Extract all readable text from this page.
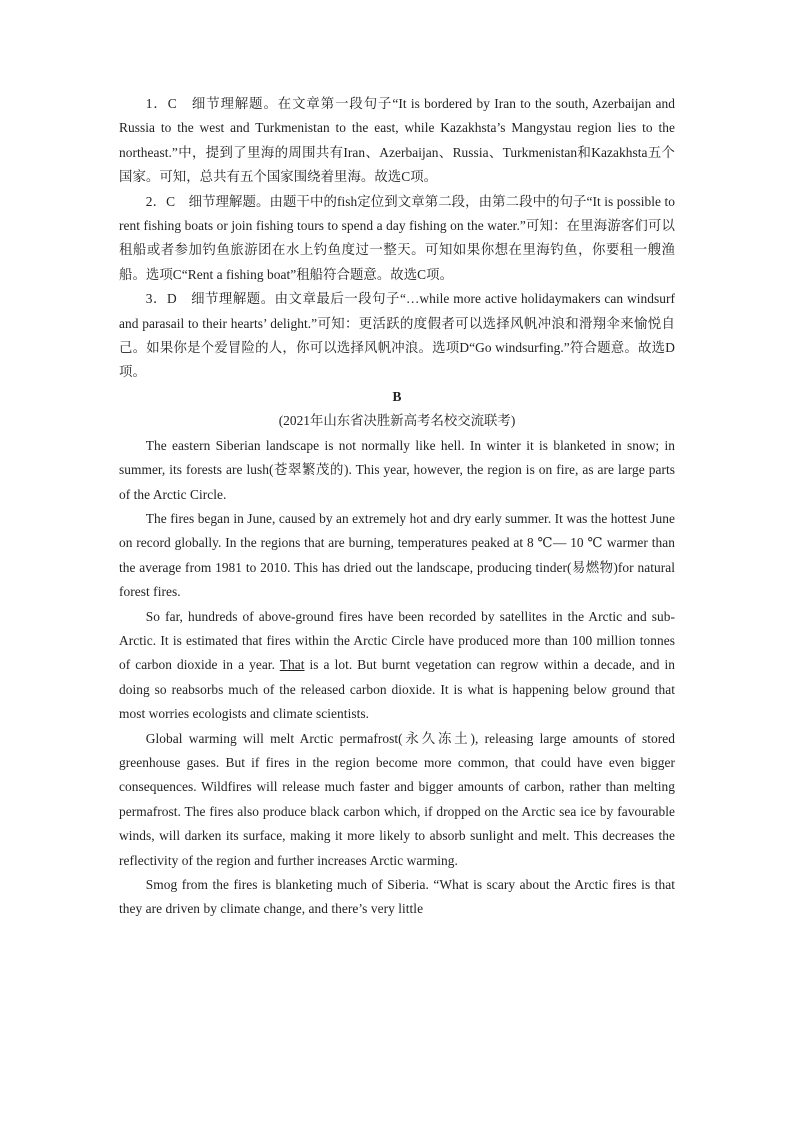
1．C　细节理解题。在文章第一段句子“It is bordered by Iran to the south, Azerbaijan and Russia to the west and Turkmenistan to the east, while Kazakhsta’s Mangystau region lies to the northeast.”中，提到了里海的周围共有Iran、Azerbaijan、Russia、Turkmenistan和Kazakhsta五个国家。可知，总共有五个国家围绕着里海。故选C项。

2．C　细节理解题。由题干中的fish定位到文章第二段，由第二段中的句子“It is possible to rent fishing boats or join fishing tours to spend a day fishing on the water.”可知：在里海游客们可以租船或者参加钓鱼旅游团在水上钓鱼度过一整天。可知如果你想在里海钓鱼，你要租一艘渔船。选项C“Rent a fishing boat”租船符合题意。故选C项。

3．D　细节理解题。由文章最后一段句子“…while more active holidaymakers can windsurf and parasail to their hearts’ delight.”可知：更活跃的度假者可以选择风帆冲浪和滑翔伞来愉悦自己。如果你是个爱冒险的人，你可以选择风帆冲浪。选项D“Go windsurfing.”符合题意。故选D项。

B

(2021年山东省决胜新高考名校交流联考)

The eastern Siberian landscape is not normally like hell. In winter it is blanketed in snow; in summer, its forests are lush(苍翠繁茂的). This year, however, the region is on fire, as are large parts of the Arctic Circle.

The fires began in June, caused by an extremely hot and dry early summer. It was the hottest June on record globally. In the regions that are burning, temperatures peaked at 8 ℃— 10 ℃ warmer than the average from 1981 to 2010. This has dried out the landscape, producing tinder(易燃物)for natural forest fires.

So far, hundreds of above-ground fires have been recorded by satellites in the Arctic and sub-Arctic. It is estimated that fires within the Arctic Circle have produced more than 100 million tonnes of carbon dioxide in a year. That is a lot. But burnt vegetation can regrow within a decade, and in doing so reabsorbs much of the released carbon dioxide. It is what is happening below ground that most worries ecologists and climate scientists.

Global warming will melt Arctic permafrost(永久冻土), releasing large amounts of stored greenhouse gases. But if fires in the region become more common, that could have even bigger consequences. Wildfires will release much faster and bigger amounts of carbon, rather than melting permafrost. The fires also produce black carbon which, if dropped on the Arctic sea ice by favourable winds, will darken its surface, making it more likely to absorb sunlight and melt. This decreases the reflectivity of the region and further increases Arctic warming.

Smog from the fires is blanketing much of Siberia. “What is scary about the Arctic fires is that they are driven by climate change, and there’s very little
